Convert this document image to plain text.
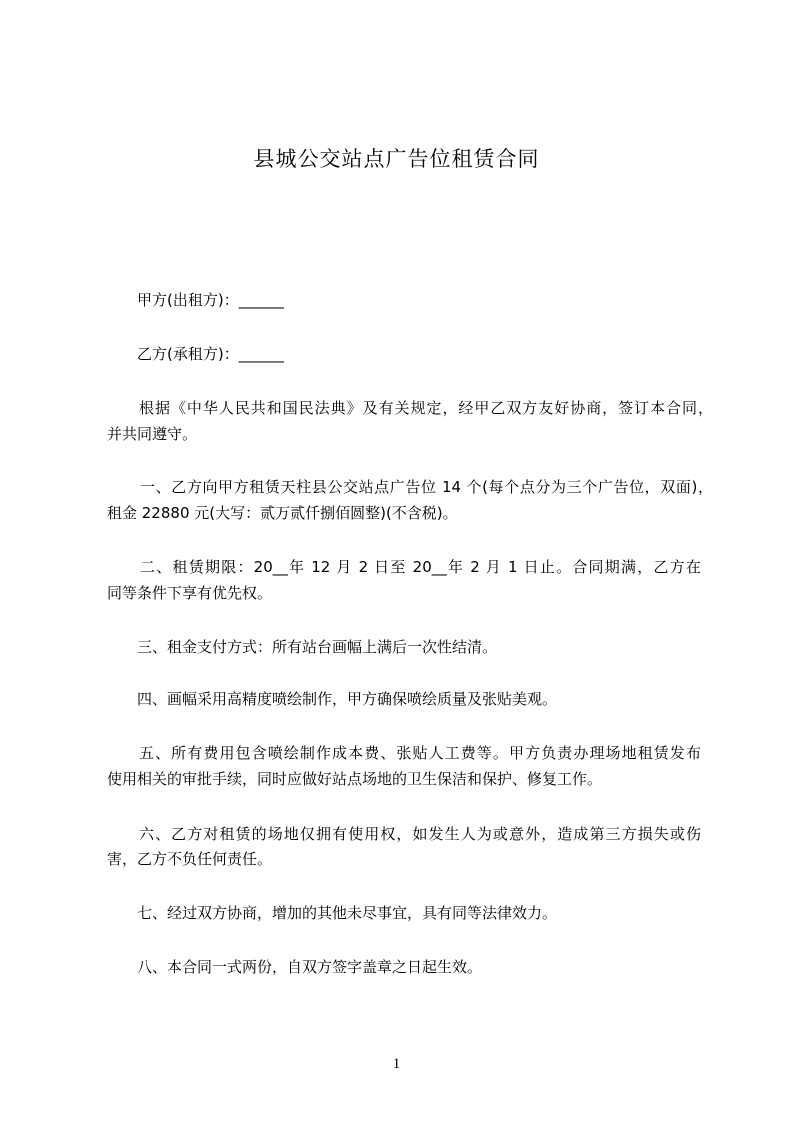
县城公交站点广告位租赁合同
甲方(出租方)：______
乙方(承租方)：______
根据《中华人民共和国民法典》及有关规定，经甲乙双方友好协商，签订本合同，
并共同遵守。
一、乙方向甲方租赁天柱县公交站点广告位 14 个(每个点分为三个广告位，双面)，
租金 22880 元(大写：贰万贰仟捌佰圆整)(不含税)。
二、租赁期限：20__年 12 月 2 日至 20__年 2 月 1 日止。合同期满，乙方在
同等条件下享有优先权。
三、租金支付方式：所有站台画幅上满后一次性结清。
四、画幅采用高精度喷绘制作，甲方确保喷绘质量及张贴美观。
五、所有费用包含喷绘制作成本费、张贴人工费等。甲方负责办理场地租赁发布
使用相关的审批手续，同时应做好站点场地的卫生保洁和保护、修复工作。
六、乙方对租赁的场地仅拥有使用权，如发生人为或意外，造成第三方损失或伤
害，乙方不负任何责任。
七、经过双方协商，增加的其他未尽事宜，具有同等法律效力。
八、本合同一式两份，自双方签字盖章之日起生效。
1
